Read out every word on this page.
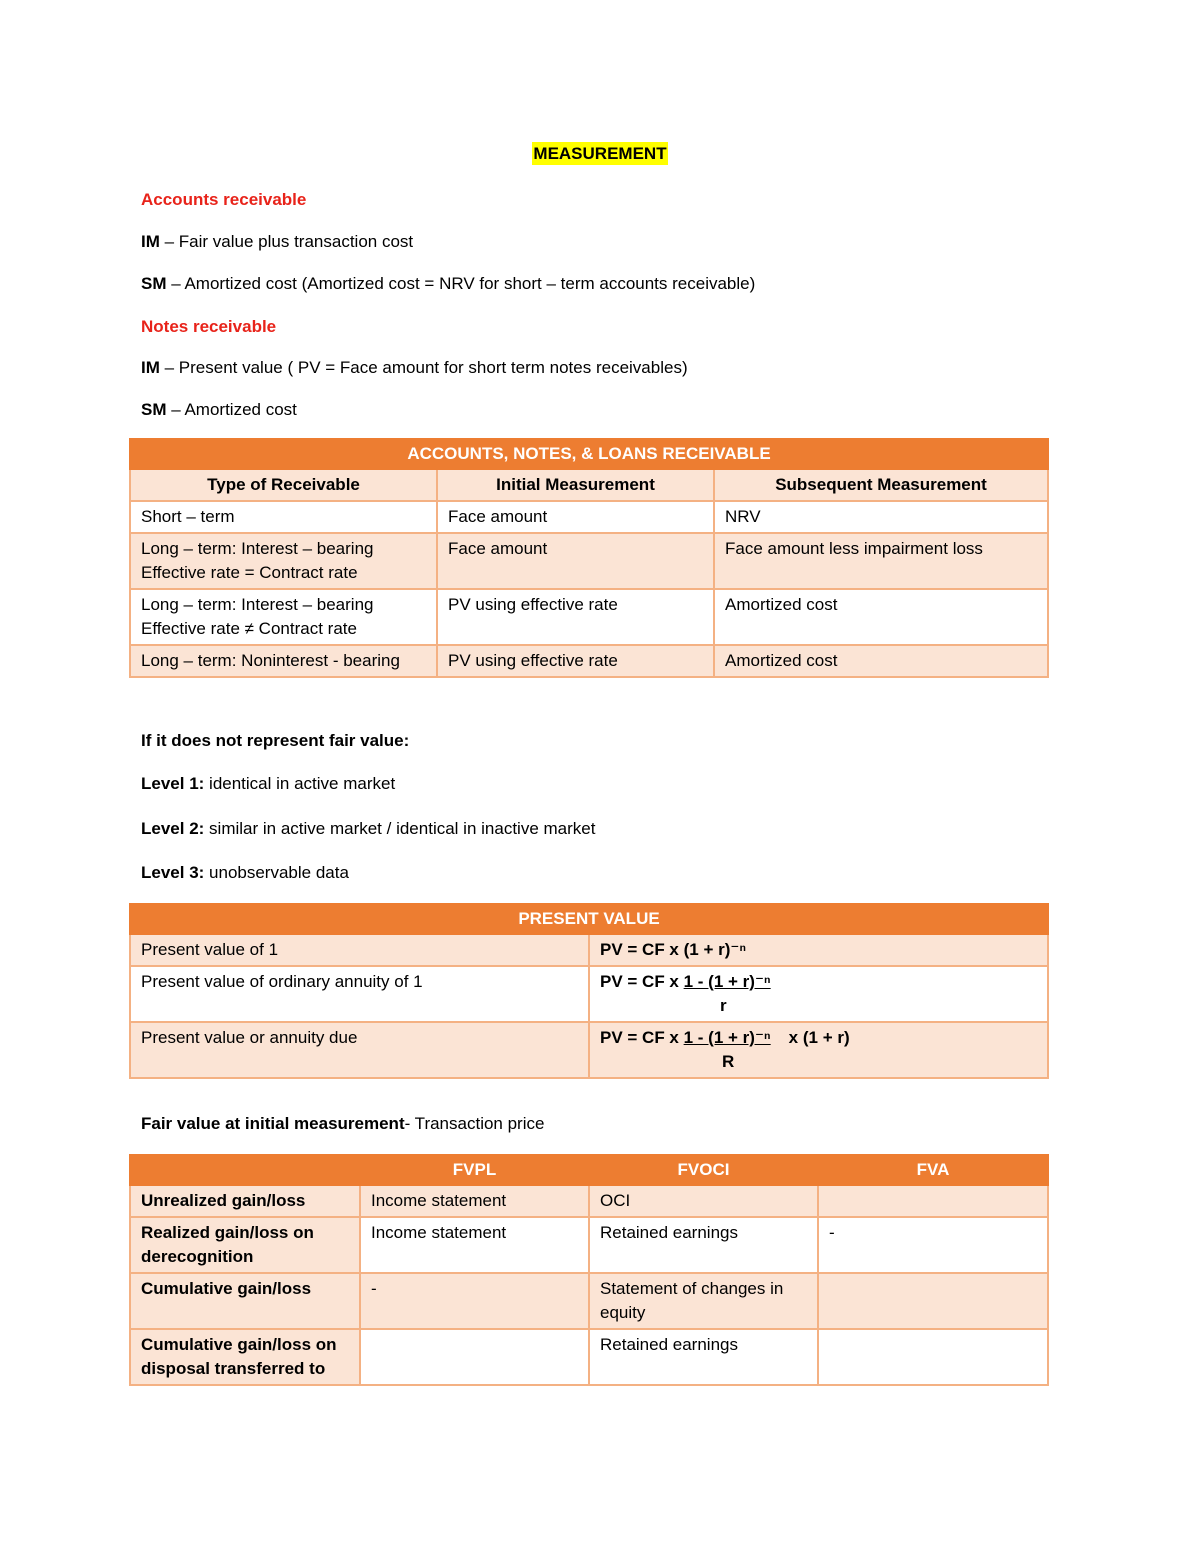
MEASUREMENT
Accounts receivable
IM – Fair value plus transaction cost
SM – Amortized cost (Amortized cost = NRV for short – term accounts receivable)
Notes receivable
IM – Present value ( PV = Face amount for short term notes receivables)
SM – Amortized cost
ACCOUNTS, NOTES, & LOANS RECEIVABLE		
Type of Receivable	Initial Measurement	Subsequent Measurement
Short – term	Face amount	NRV
Long – term: Interest – bearing Effective rate = Contract rate	Face amount	Face amount less impairment loss
Long – term: Interest – bearing Effective rate ≠ Contract rate	PV using effective rate	Amortized cost
Long – term: Noninterest - bearing	PV using effective rate	Amortized cost
If it does not represent fair value:
Level 1: identical in active market
Level 2: similar in active market / identical in inactive market
Level 3: unobservable data
PRESENT VALUE	
Present value of 1	PV = CF x (1 + r)⁻ⁿ
Present value of ordinary annuity of 1	PV = CF x 1 - (1 + r)⁻ⁿ
r

Present value or annuity due	PV = CF x 1 - (1 + r)⁻ⁿ x (1 + r)
R
Fair value at initial measurement- Transaction price
	FVPL	FVOCI	FVA
Unrealized gain/loss	Income statement	OCI	
Realized gain/loss on derecognition	Income statement	Retained earnings	-
Cumulative gain/loss	-	Statement of changes in equity	
Cumulative gain/loss on disposal transferred to		Retained earnings	
